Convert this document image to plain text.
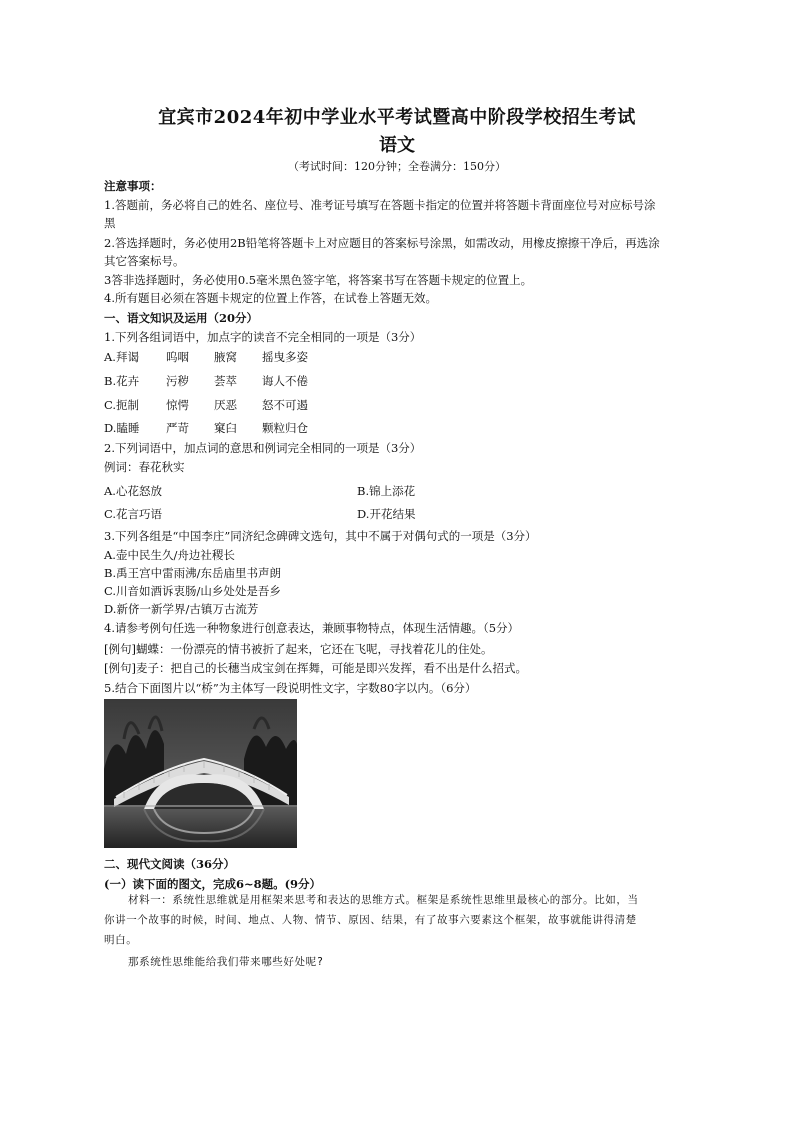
宜宾市2024年初中学业水平考试暨高中阶段学校招生考试
语文
（考试时间：120分钟；全卷满分：150分）
注意事项：
1.答题前，务必将自己的姓名、座位号、准考证号填写在答题卡指定的位置并将答题卡背面座位号对应标号涂
黑
2.答选择题时，务必使用2B铅笔将答题卡上对应题目的答案标号涂黑，如需改动，用橡皮擦擦干净后，再选涂
其它答案标号。
3答非选择题时，务必使用0.5毫米黑色签字笔，将答案书写在答题卡规定的位置上。
4.所有题目必须在答题卡规定的位置上作答，在试卷上答题无效。
一、语文知识及运用（20分）
1.下列各组词语中，加点字的读音不完全相同的一项是（3分）
A.拜谒 呜咽 腋窝 摇曳多姿
B.花卉 污秽 荟萃 诲人不倦
C.扼制 惊愕 厌恶 怒不可遏
D.瞌睡 严苛 窠臼 颗粒归仓
2.下列词语中，加点词的意思和例词完全相同的一项是（3分）
例词：春花秋实
A.心花怒放	B.锦上添花
C.花言巧语	D.开花结果
3.下列各组是“中国李庄”同济纪念碑碑文选句，其中不属于对偶句式的一项是（3分）
A.壶中民生久/舟边社稷长
B.禹王宫中雷雨沸/东岳庙里书声朗
C.川音如酒诉衷肠/山乡处处是吾乡
D.新侪一新学界/古镇万古流芳
4.请参考例句任选一种物象进行创意表达，兼顾事物特点，体现生活情趣。（5分）
[例句]蝴蝶：一份漂亮的情书被折了起来，它还在飞呢，寻找着花儿的住处。
[例句]麦子：把自己的长穗当成宝剑在挥舞，可能是即兴发挥，看不出是什么招式。
5.结合下面图片以“桥”为主体写一段说明性文字，字数80字以内。（6分）
二、现代文阅读（36分）
(一）读下面的图文，完成6~8题。(9分）
材料一：系统性思维就是用框架来思考和表达的思维方式。框架是系统性思维里最核心的部分。比如，当
你讲一个故事的时候，时间、地点、人物、情节、原因、结果，有了故事六要素这个框架，故事就能讲得清楚
明白。
那系统性思维能给我们带来哪些好处呢?
